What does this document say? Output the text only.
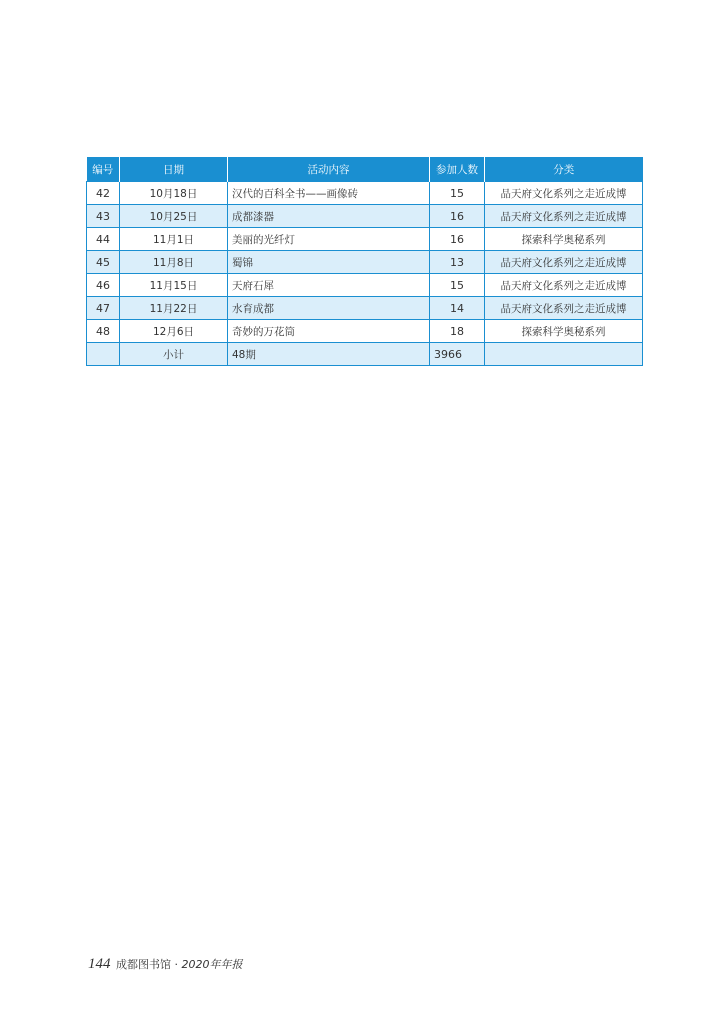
编号	日期	活动内容	参加人数	分类
42	10月18日	汉代的百科全书——画像砖	15	品天府文化系列之走近成博
43	10月25日	成都漆器	16	品天府文化系列之走近成博
44	11月1日	美丽的光纤灯	16	探索科学奥秘系列
45	11月8日	蜀锦	13	品天府文化系列之走近成博
46	11月15日	天府石犀	15	品天府文化系列之走近成博
47	11月22日	水育成都	14	品天府文化系列之走近成博
48	12月6日	奇妙的万花筒	18	探索科学奥秘系列
	小计	48期	3966	
144 成都图书馆 · 2020年年报
